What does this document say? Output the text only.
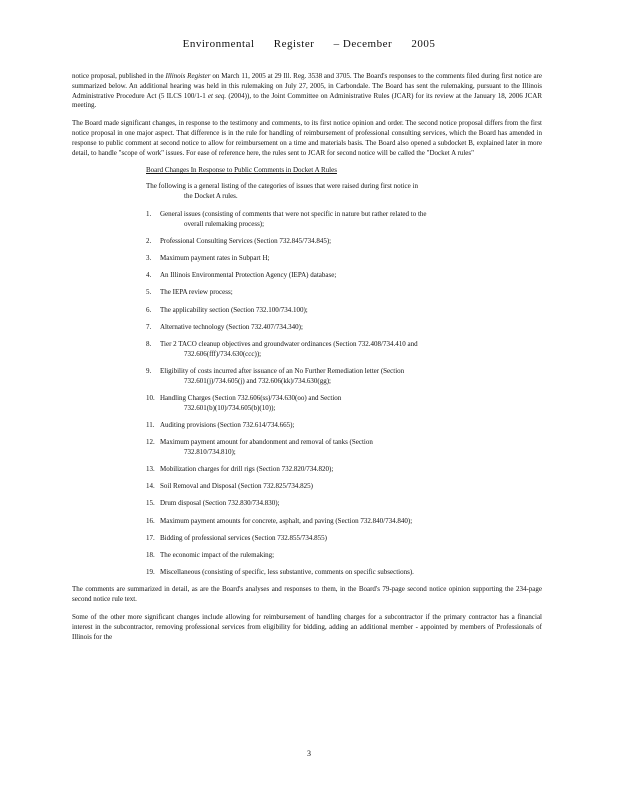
Environmental Register – December 2005

notice proposal, published in the Illinois Register on March 11, 2005 at 29 Ill. Reg. 3538 and 3705. The Board's responses to the comments filed during first notice are summarized below. An additional hearing was held in this rulemaking on July 27, 2005, in Carbondale. The Board has sent the rulemaking, pursuant to the Illinois Administrative Procedure Act (5 ILCS 100/1-1 et seq. (2004)), to the Joint Committee on Administrative Rules (JCAR) for its review at the January 18, 2006 JCAR meeting.

The Board made significant changes, in response to the testimony and comments, to its first notice opinion and order. The second notice proposal differs from the first notice proposal in one major aspect. That difference is in the rule for handling of reimbursement of professional consulting services, which the Board has amended in response to public comment at second notice to allow for reimbursement on a time and materials basis. The Board also opened a subdocket B, explained later in more detail, to handle "scope of work" issues. For ease of reference here, the rules sent to JCAR for second notice will be called the "Docket A rules"

Board Changes In Response to Public Comments in Docket A Rules
The following is a general listing of the categories of issues that were raised during first notice in
the Docket A rules.
1. General issues (consisting of comments that were not specific in nature but rather related to the
overall rulemaking process);
2. Professional Consulting Services (Section 732.845/734.845);
3. Maximum payment rates in Subpart H;
4. An Illinois Environmental Protection Agency (IEPA) database;
5. The IEPA review process;
6. The applicability section (Section 732.100/734.100);
7. Alternative technology (Section 732.407/734.340);
8. Tier 2 TACO cleanup objectives and groundwater ordinances (Section 732.408/734.410 and
732.606(fff)/734.630(ccc));
9. Eligibility of costs incurred after issuance of an No Further Remediation letter (Section
732.601(j)/734.605(j) and 732.606(kk)/734.630(gg);
10. Handling Charges (Section 732.606(ss)/734.630(oo) and Section
732.601(b)(10)/734.605(b)(10));
11. Auditing provisions (Section 732.614/734.665);
12. Maximum payment amount for abandonment and removal of tanks (Section
732.810/734.810);
13. Mobilization charges for drill rigs (Section 732.820/734.820);
14. Soil Removal and Disposal (Section 732.825/734.825)
15. Drum disposal (Section 732.830/734.830);
16. Maximum payment amounts for concrete, asphalt, and paving (Section 732.840/734.840);
17. Bidding of professional services (Section 732.855/734.855)
18. The economic impact of the rulemaking;
19. Miscellaneous (consisting of specific, less substantive, comments on specific subsections).

The comments are summarized in detail, as are the Board's analyses and responses to them, in the Board's 79-page second notice opinion supporting the 234-page second notice rule text.

Some of the other more significant changes include allowing for reimbursement of handling charges for a subcontractor if the primary contractor has a financial interest in the subcontractor, removing professional services from eligibility for bidding, adding an additional member - appointed by members of Professionals of Illinois for the

3
